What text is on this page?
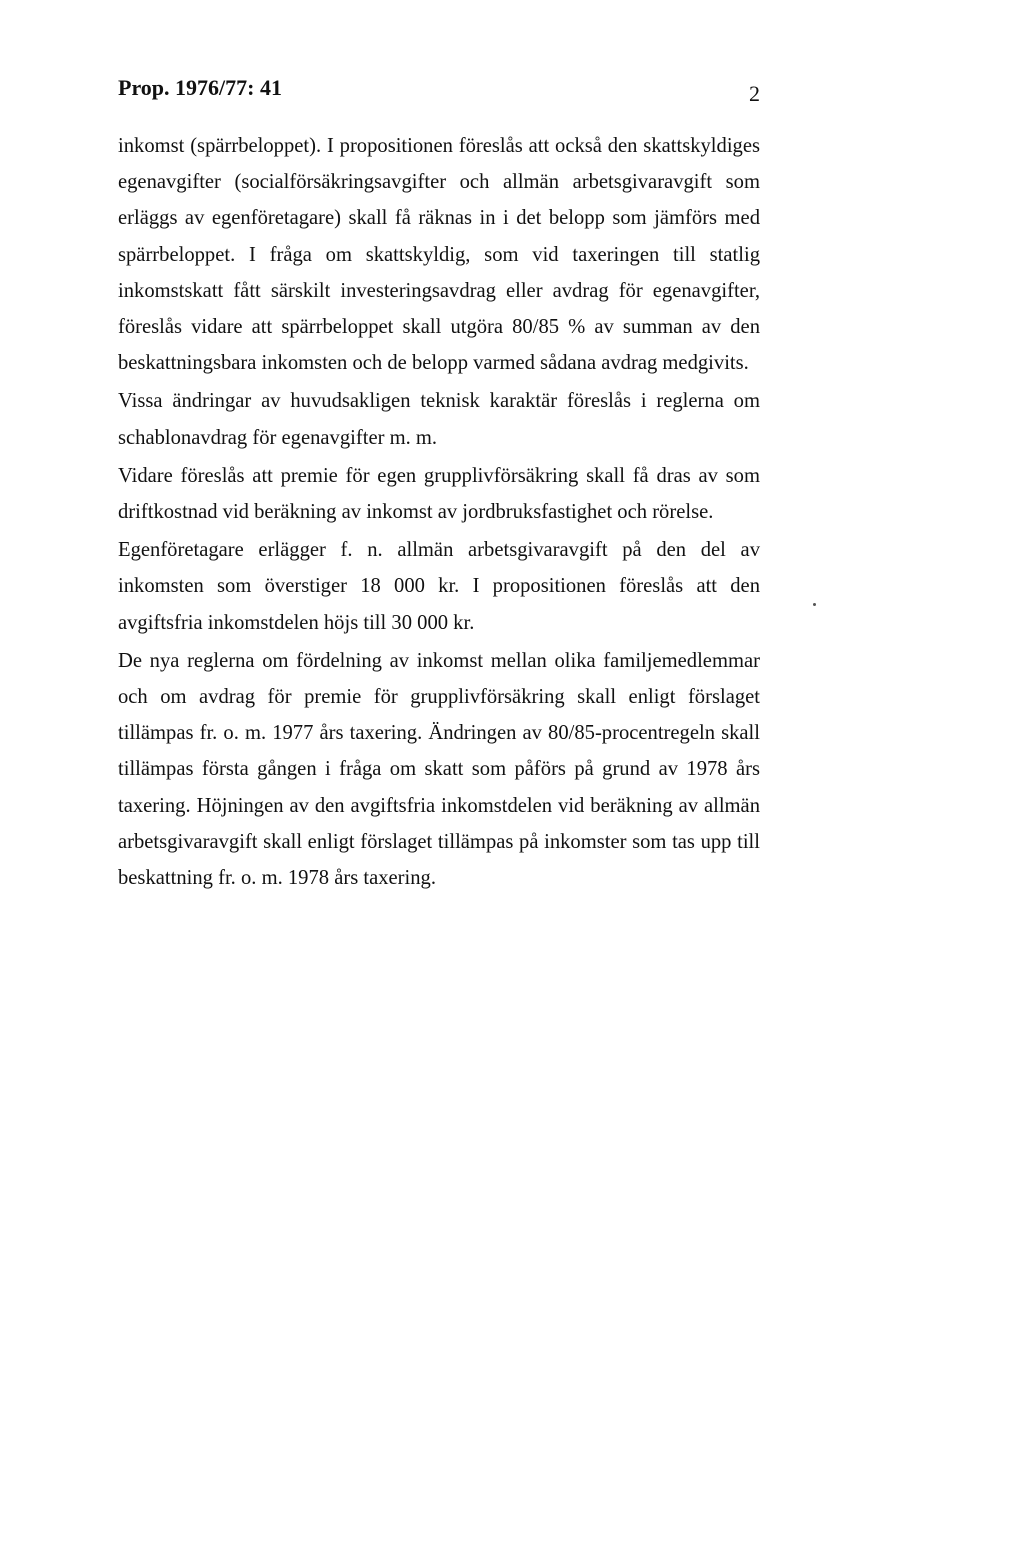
Prop. 1976/77: 41	2

inkomst (spärrbeloppet). I propositionen föreslås att också den skattskyldiges egenavgifter (socialförsäkringsavgifter och allmän arbetsgivaravgift som erläggs av egenföretagare) skall få räknas in i det belopp som jämförs med spärrbeloppet. I fråga om skattskyldig, som vid taxeringen till statlig inkomstskatt fått särskilt investeringsavdrag eller avdrag för egenavgifter, föreslås vidare att spärrbeloppet skall utgöra 80/85 % av summan av den beskattningsbara inkomsten och de belopp varmed sådana avdrag medgivits.

Vissa ändringar av huvudsakligen teknisk karaktär föreslås i reglerna om schablonavdrag för egenavgifter m. m.

Vidare föreslås att premie för egen grupplivförsäkring skall få dras av som driftkostnad vid beräkning av inkomst av jordbruksfastighet och rörelse.

Egenföretagare erlägger f. n. allmän arbetsgivaravgift på den del av inkomsten som överstiger 18 000 kr. I propositionen föreslås att den avgiftsfria inkomstdelen höjs till 30 000 kr.

De nya reglerna om fördelning av inkomst mellan olika familjemedlemmar och om avdrag för premie för grupplivförsäkring skall enligt förslaget tillämpas fr. o. m. 1977 års taxering. Ändringen av 80/85-procentregeln skall tillämpas första gången i fråga om skatt som påförs på grund av 1978 års taxering. Höjningen av den avgiftsfria inkomstdelen vid beräkning av allmän arbetsgivaravgift skall enligt förslaget tillämpas på inkomster som tas upp till beskattning fr. o. m. 1978 års taxering.
